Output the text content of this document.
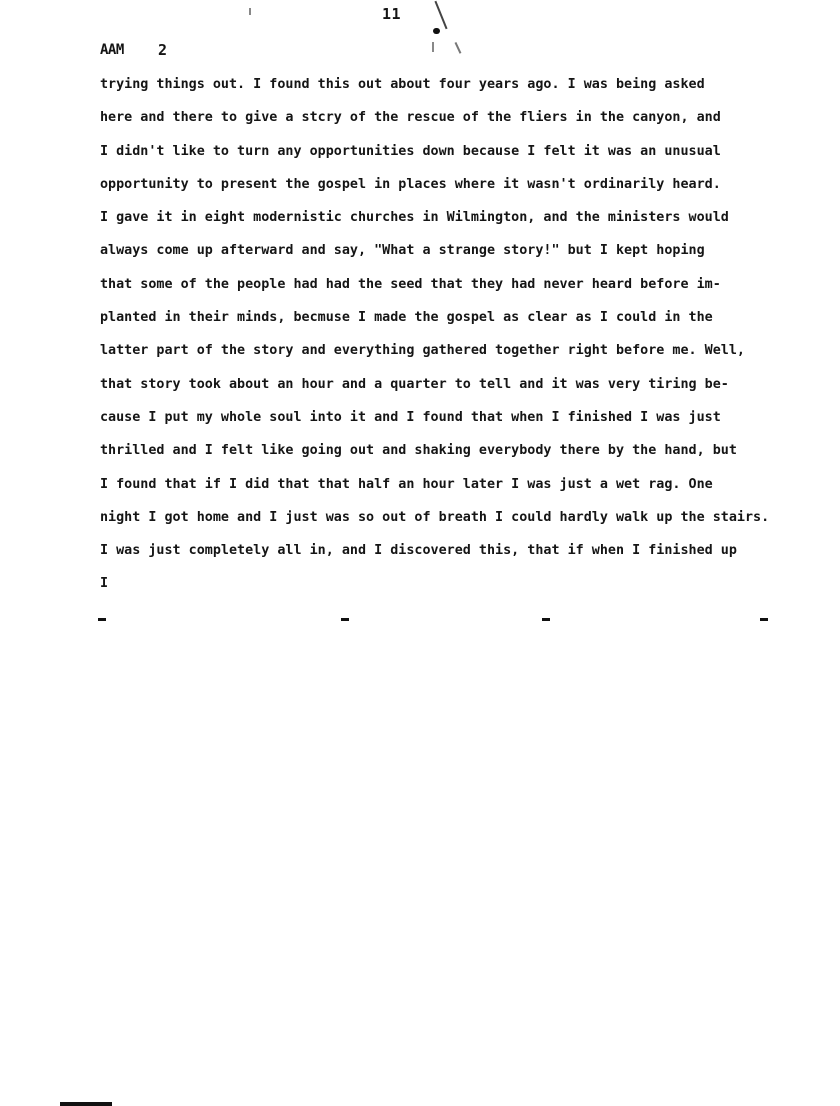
11
AAM 2
trying things out. I found this out about four years ago. I was being asked
here and there to give a stcry of the rescue of the fliers in the canyon, and
I didn't like to turn any opportunities down because I felt it was an unusual
opportunity to present the gospel in places where it wasn't ordinarily heard.
I gave it in eight modernistic churches in Wilmington, and the ministers would
always come up afterward and say, "What a strange story!" but I kept hoping
that some of the people had had the seed that they had never heard before im-
planted in their minds, becmuse I made the gospel as clear as I could in the
latter part of the story and everything gathered together right before me. Well,
that story took about an hour and a quarter to tell and it was very tiring be-
cause I put my whole soul into it and I found that when I finished I was just
thrilled and I felt like going out and shaking everybody there by the hand, but
I found that if I did that that half an hour later I was just a wet rag. One
night I got home and I just was so out of breath I could hardly walk up the stairs.
I was just completely all in, and I discovered this, that if when I finished up
I
